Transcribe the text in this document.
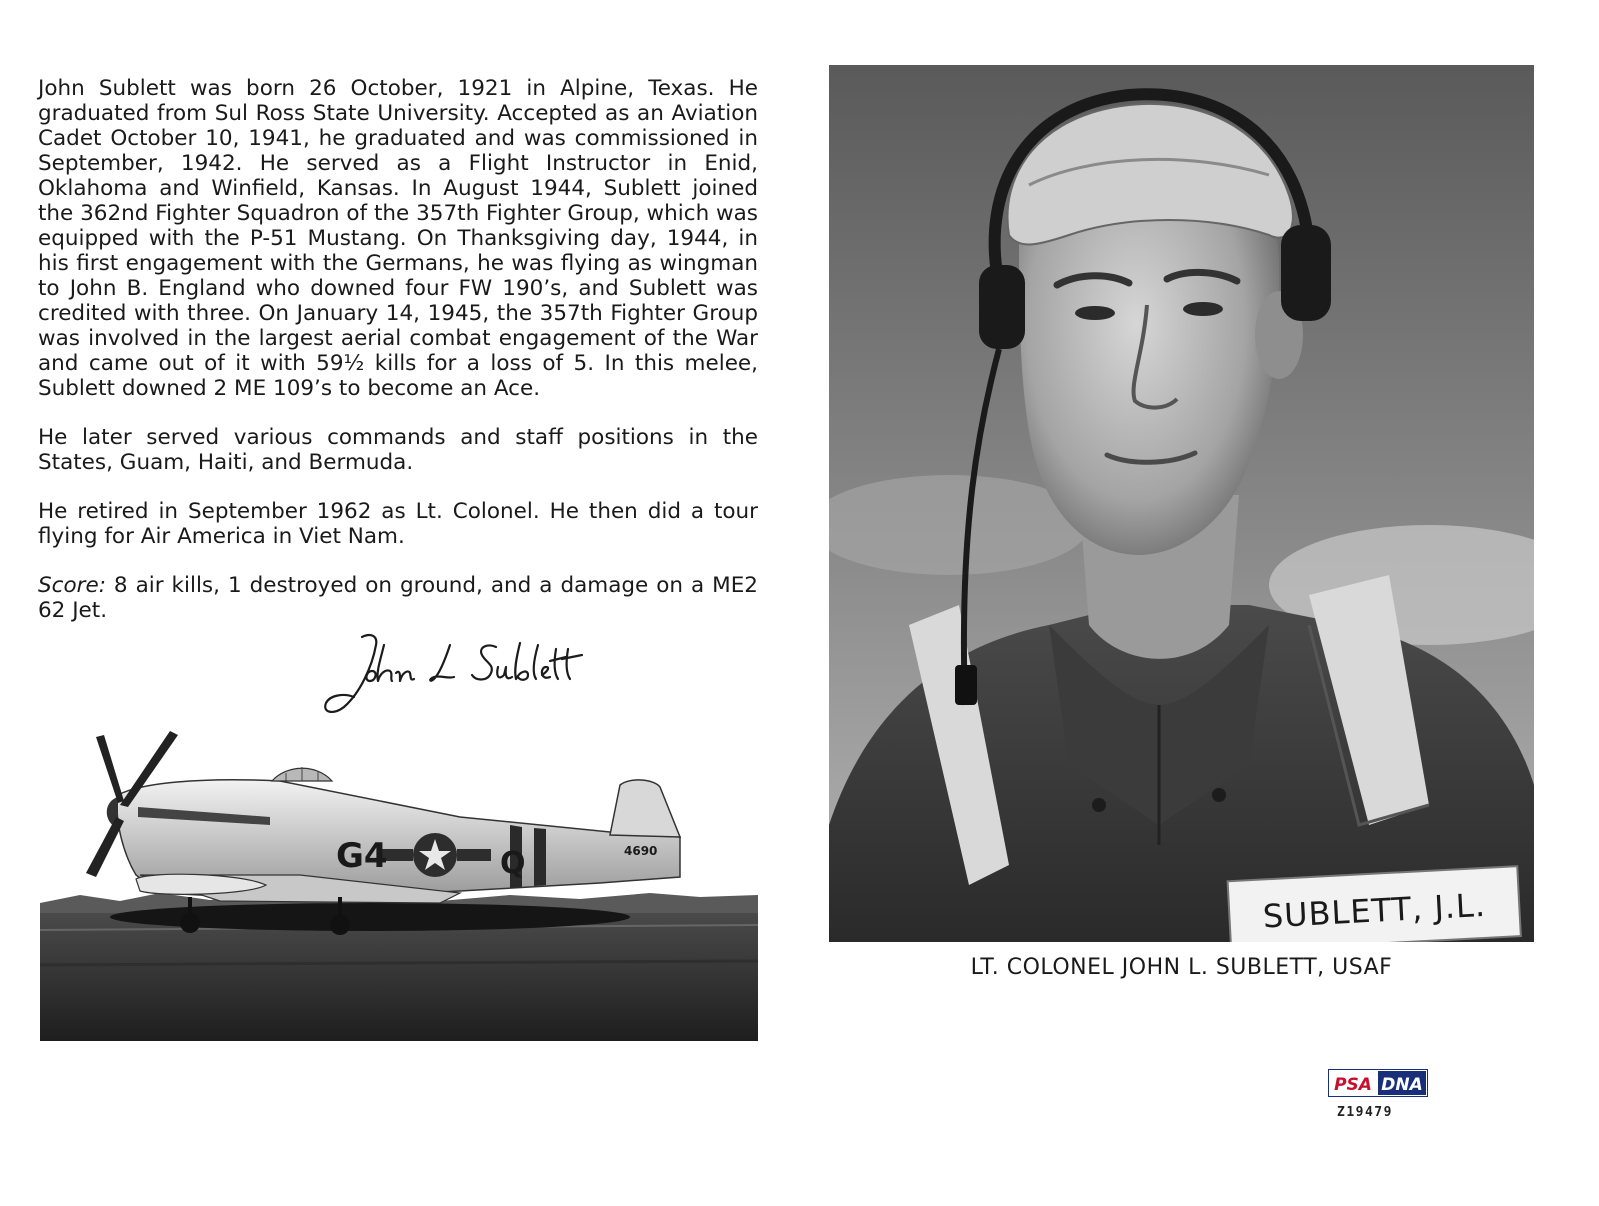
John Sublett was born 26 October, 1921 in Alpine, Texas. He graduated from Sul Ross State University. Accepted as an Aviation Cadet October 10, 1941, he graduated and was commissioned in September, 1942. He served as a Flight Instructor in Enid, Oklahoma and Winfield, Kansas. In August 1944, Sublett joined the 362nd Fighter Squadron of the 357th Fighter Group, which was equipped with the P-51 Mustang. On Thanksgiving day, 1944, in his first engagement with the Germans, he was flying as wingman to John B. England who downed four FW 190’s, and Sublett was credited with three. On January 14, 1945, the 357th Fighter Group was involved in the largest aerial combat engagement of the War and came out of it with 59½ kills for a loss of 5. In this melee, Sublett downed 2 ME 109’s to become an Ace.

He later served various commands and staff positions in the States, Guam, Haiti, and Bermuda.

He retired in September 1962 as Lt. Colonel. He then did a tour flying for Air America in Viet Nam.

Score: 8 air kills, 1 destroyed on ground, and a damage on a ME2 62 Jet.

G4	Q	4690
SUBLETT, J.L.
LT. COLONEL JOHN L. SUBLETT, USAF
PSA DNA
Z19479
